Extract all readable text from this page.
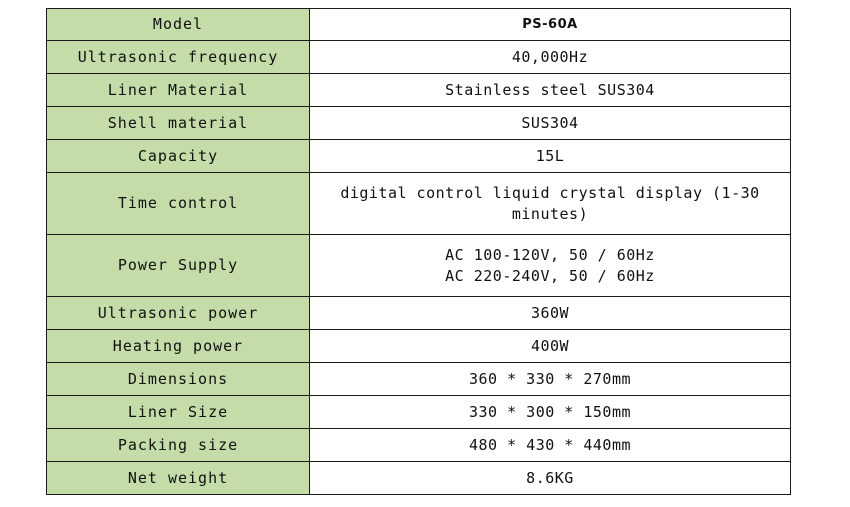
Model	PS-60A
Ultrasonic frequency	40,000Hz
Liner Material	Stainless steel SUS304
Shell material	SUS304
Capacity	15L
Time control	digital control liquid crystal display (1-30 minutes)
Power Supply	AC 100-120V, 50 / 60Hz
AC 220-240V, 50 / 60Hz

Ultrasonic power	360W
Heating power	400W
Dimensions	360 * 330 * 270mm
Liner Size	330 * 300 * 150mm
Packing size	480 * 430 * 440mm
Net weight	8.6KG
